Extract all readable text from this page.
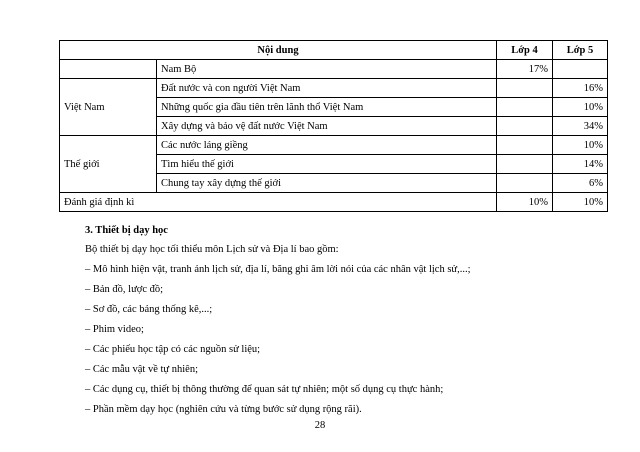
Nội dung		Lớp 4	Lớp 5
	Nam Bộ	17%	
Việt Nam	Đất nước và con người Việt Nam		16%
	Những quốc gia đầu tiên trên lãnh thổ Việt Nam		10%
	Xây dựng và bảo vệ đất nước Việt Nam		34%
Thế giới	Các nước láng giềng		10%
	Tìm hiểu thế giới		14%
	Chung tay xây dựng thế giới		6%
Đánh giá định kì		10%	10%
3. Thiết bị dạy học
Bộ thiết bị dạy học tối thiểu môn Lịch sử và Địa lí bao gồm:
– Mô hình hiện vật, tranh ảnh lịch sử, địa lí, băng ghi âm lời nói của các nhân vật lịch sử,...;
– Bản đồ, lược đồ;
– Sơ đồ, các bảng thống kê,...;
– Phim video;
– Các phiếu học tập có các nguồn sử liệu;
– Các mẫu vật về tự nhiên;
– Các dụng cụ, thiết bị thông thường để quan sát tự nhiên; một số dụng cụ thực hành;
– Phần mềm dạy học (nghiên cứu và từng bước sử dụng rộng rãi).
28
